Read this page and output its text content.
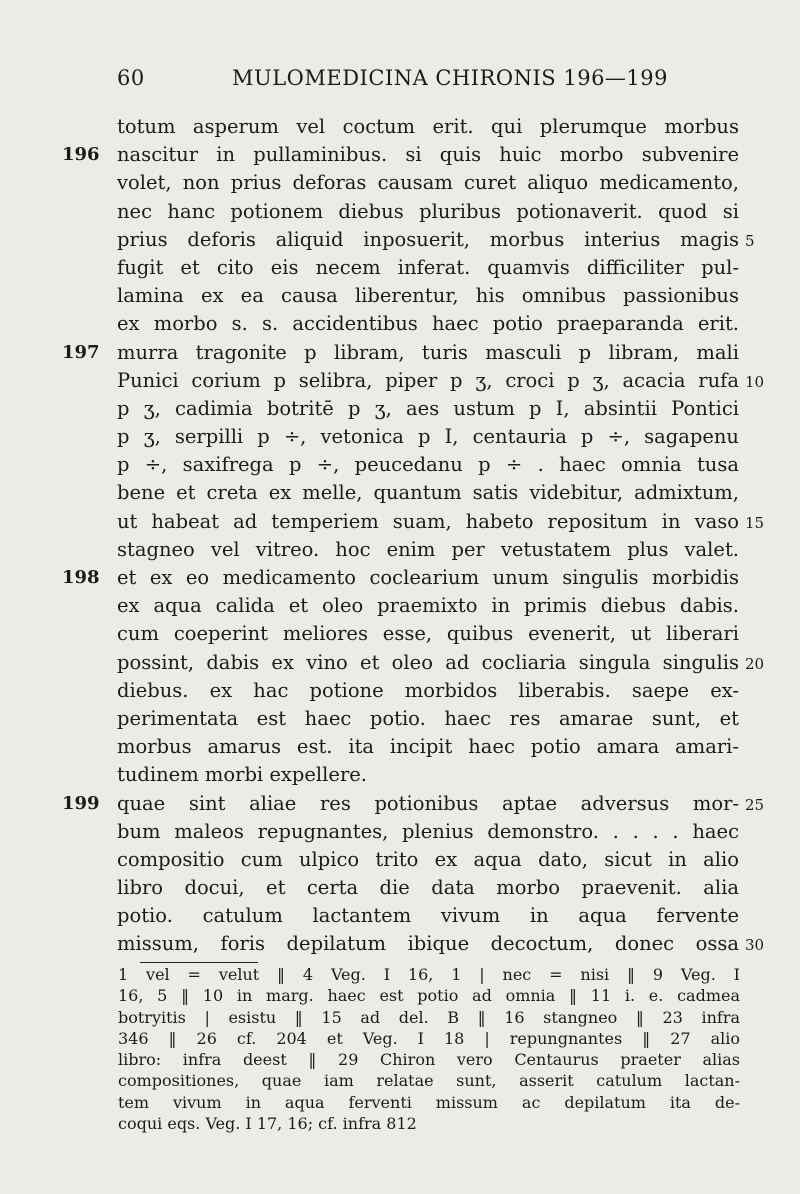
60	MULOMEDICINA CHIRONIS 196—199
totum asperum vel coctum erit. qui plerumque morbus
196 nascitur in pullaminibus. si quis huic morbo subvenire
volet, non prius deforas causam curet aliquo medicamento,
nec hanc potionem diebus pluribus potionaverit. quod si
prius deforis aliquid inposuerit, morbus interius magis 5
fugit et cito eis necem inferat. quamvis difficiliter pul-
lamina ex ea causa liberentur, his omnibus passionibus
ex morbo s. s. accidentibus haec potio praeparanda erit.
197 murra tragonite p libram, turis masculi p libram, mali
Punici corium p selibra, piper p ʒ, croci p ʒ, acacia rufa 10
p ʒ, cadimia botritē p ʒ, aes ustum p I, absintii Pontici
p ʒ, serpilli p ÷, vetonica p I, centauria p ÷, sagapenu
p ÷, saxifrega p ÷, peucedanu p ÷ . haec omnia tusa
bene et creta ex melle, quantum satis videbitur, admixtum,
ut habeat ad temperiem suam, habeto repositum in vaso 15
stagneo vel vitreo. hoc enim per vetustatem plus valet.
198 et ex eo medicamento coclearium unum singulis morbidis
ex aqua calida et oleo praemixto in primis diebus dabis.
cum coeperint meliores esse, quibus evenerit, ut liberari
possint, dabis ex vino et oleo ad cocliaria singula singulis 20
diebus. ex hac potione morbidos liberabis. saepe ex-
perimentata est haec potio. haec res amarae sunt, et
morbus amarus est. ita incipit haec potio amara amari-
tudinem morbi expellere.
199 quae sint aliae res potionibus aptae adversus mor- 25
bum maleos repugnantes, plenius demonstro. . . . . haec
compositio cum ulpico trito ex aqua dato, sicut in alio
libro docui, et certa die data morbo praevenit. alia
potio. catulum lactantem vivum in aqua fervente
missum, foris depilatum ibique decoctum, donec ossa 30
1 vel = velut ‖ 4 Veg. I 16, 1 | nec = nisi ‖ 9 Veg. I
16, 5 ‖ 10 in marg. haec est potio ad omnia ‖ 11 i. e. cadmea
botryitis | esistu ‖ 15 ad del. B ‖ 16 stangneo ‖ 23 infra
346 ‖ 26 cf. 204 et Veg. I 18 | repungnantes ‖ 27 alio
libro: infra deest ‖ 29 Chiron vero Centaurus praeter alias
compositiones, quae iam relatae sunt, asserit catulum lactan-
tem vivum in aqua ferventi missum ac depilatum ita de-
coqui eqs. Veg. I 17, 16; cf. infra 812
